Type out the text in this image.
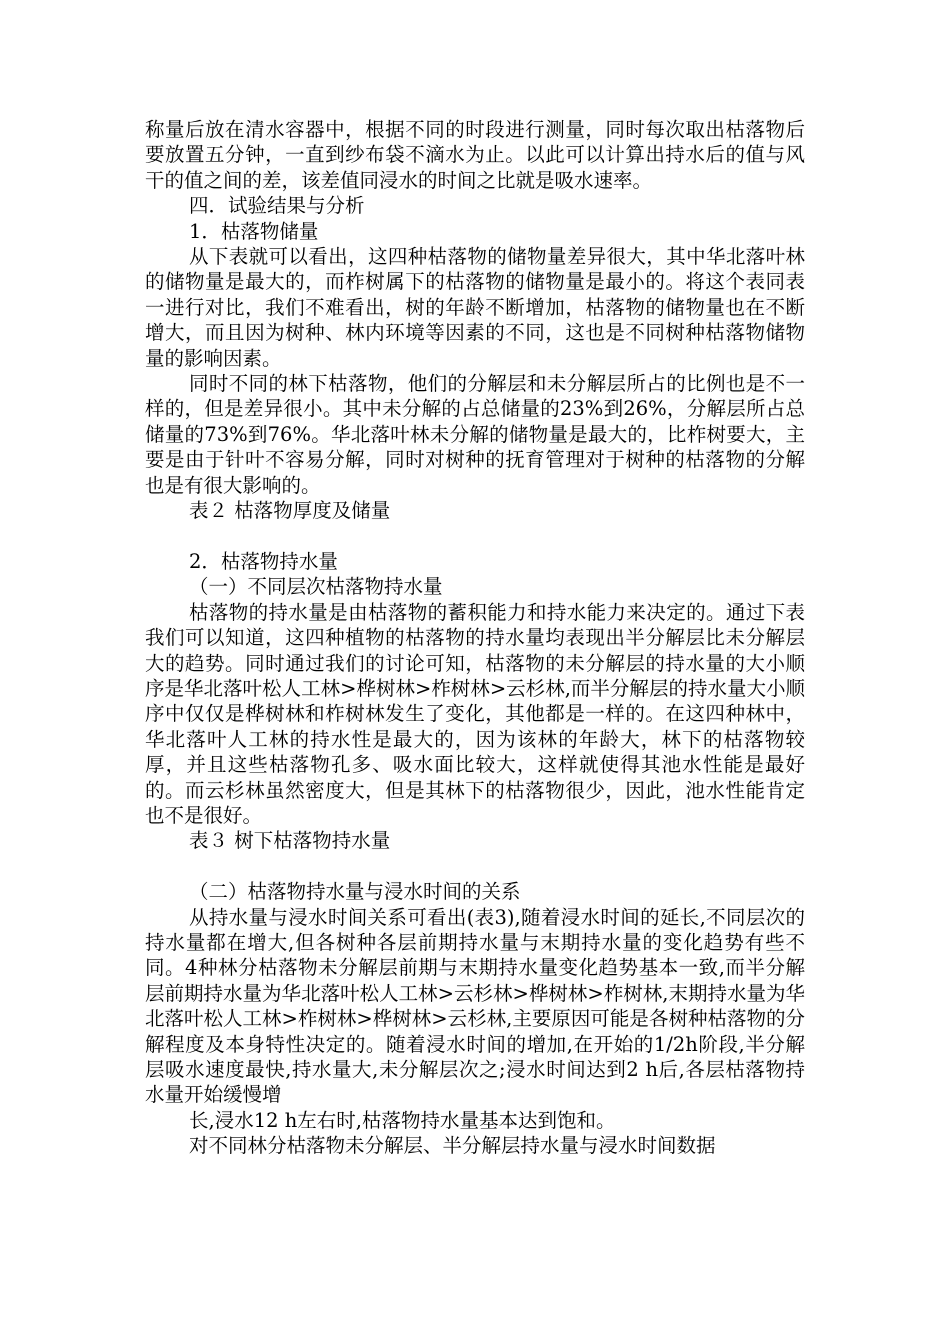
称量后放在清水容器中，根据不同的时段进行测量，同时每次取出枯落物后要放置五分钟，一直到纱布袋不滴水为止。以此可以计算出持水后的值与风干的值之间的差，该差值同浸水的时间之比就是吸水速率。

四．试验结果与分析

1．枯落物储量

从下表就可以看出，这四种枯落物的储物量差异很大，其中华北落叶林的储物量是最大的，而柞树属下的枯落物的储物量是最小的。将这个表同表一进行对比，我们不难看出，树的年龄不断增加，枯落物的储物量也在不断增大，而且因为树种、林内环境等因素的不同，这也是不同树种枯落物储物量的影响因素。

同时不同的林下枯落物，他们的分解层和未分解层所占的比例也是不一样的，但是差异很小。其中未分解的占总储量的23%到26%，分解层所占总储量的73%到76%。华北落叶林未分解的储物量是最大的，比柞树要大，主要是由于针叶不容易分解，同时对树种的抚育管理对于树种的枯落物的分解也是有很大影响的。

表２ 枯落物厚度及储量

2．枯落物持水量

（一）不同层次枯落物持水量

枯落物的持水量是由枯落物的蓄积能力和持水能力来决定的。通过下表我们可以知道，这四种植物的枯落物的持水量均表现出半分解层比未分解层大的趋势。同时通过我们的讨论可知，枯落物的未分解层的持水量的大小顺序是华北落叶松人工林>桦树林>柞树林>云杉林,而半分解层的持水量大小顺序中仅仅是桦树林和柞树林发生了变化，其他都是一样的。在这四种林中，华北落叶人工林的持水性是最大的，因为该林的年龄大，林下的枯落物较厚，并且这些枯落物孔多、吸水面比较大，这样就使得其池水性能是最好的。而云杉林虽然密度大，但是其林下的枯落物很少，因此，池水性能肯定也不是很好。

表３ 树下枯落物持水量

（二）枯落物持水量与浸水时间的关系

从持水量与浸水时间关系可看出(表3),随着浸水时间的延长,不同层次的持水量都在增大,但各树种各层前期持水量与末期持水量的变化趋势有些不同。4种林分枯落物未分解层前期与末期持水量变化趋势基本一致,而半分解层前期持水量为华北落叶松人工林>云杉林>桦树林>柞树林,末期持水量为华北落叶松人工林>柞树林>桦树林>云杉林,主要原因可能是各树种枯落物的分解程度及本身特性决定的。随着浸水时间的增加,在开始的1/2h阶段,半分解层吸水速度最快,持水量大,未分解层次之;浸水时间达到2 h后,各层枯落物持水量开始缓慢增

长,浸水12 h左右时,枯落物持水量基本达到饱和。

对不同林分枯落物未分解层、半分解层持水量与浸水时间数据
